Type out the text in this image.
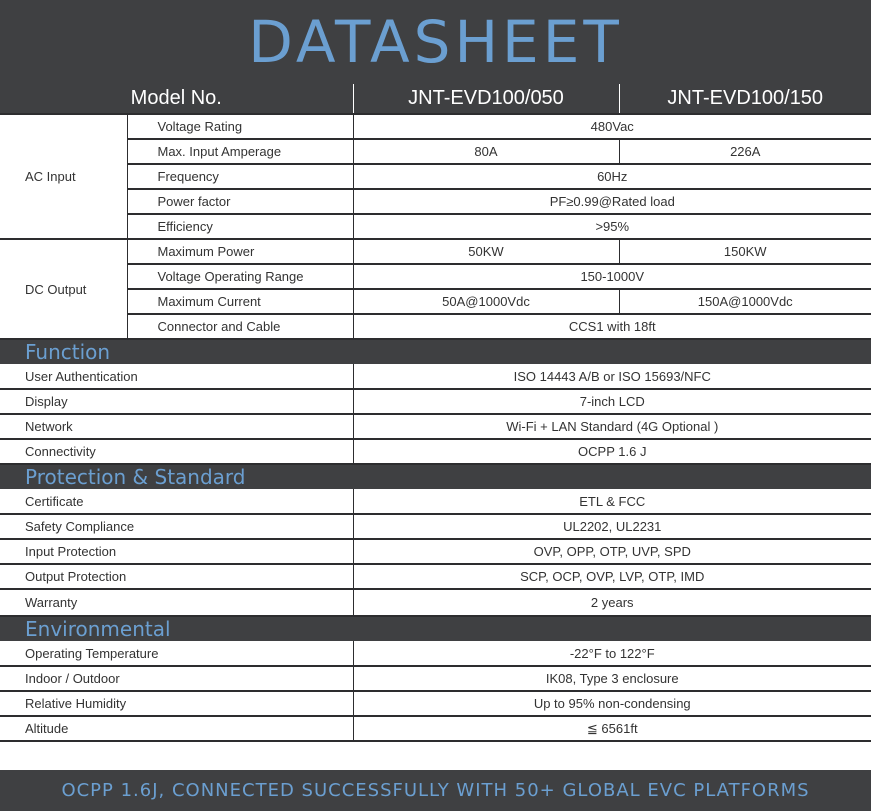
DATASHEET
Model No.		JNT-EVD100/050	JNT-EVD100/150
AC Input	Voltage Rating	480Vac	
	Max. Input Amperage	80A	226A
	Frequency	60Hz	
	Power factor	PF≥0.99@Rated load	
	Efficiency	>95%	
DC Output	Maximum Power	50KW	150KW
	Voltage Operating Range	150-1000V	
	Maximum Current	50A@1000Vdc	150A@1000Vdc
	Connector and Cable	CCS1 with 18ft	
Function			
User Authentication		ISO 14443 A/B or ISO 15693/NFC	
Display		7-inch LCD	
Network		Wi-Fi + LAN Standard (4G Optional )	
Connectivity		OCPP 1.6 J	
Protection & Standard			
Certificate		ETL & FCC	
Safety Compliance		UL2202, UL2231	
Input Protection		OVP, OPP, OTP, UVP, SPD	
Output Protection		SCP, OCP, OVP, LVP, OTP, IMD	
Warranty		2 years	
Environmental			
Operating Temperature		-22°F to 122°F	
Indoor / Outdoor		IK08, Type 3 enclosure	
Relative Humidity		Up to 95% non-condensing	
Altitude		≦ 6561ft	
OCPP 1.6J, CONNECTED SUCCESSFULLY WITH 50+ GLOBAL EVC PLATFORMS
